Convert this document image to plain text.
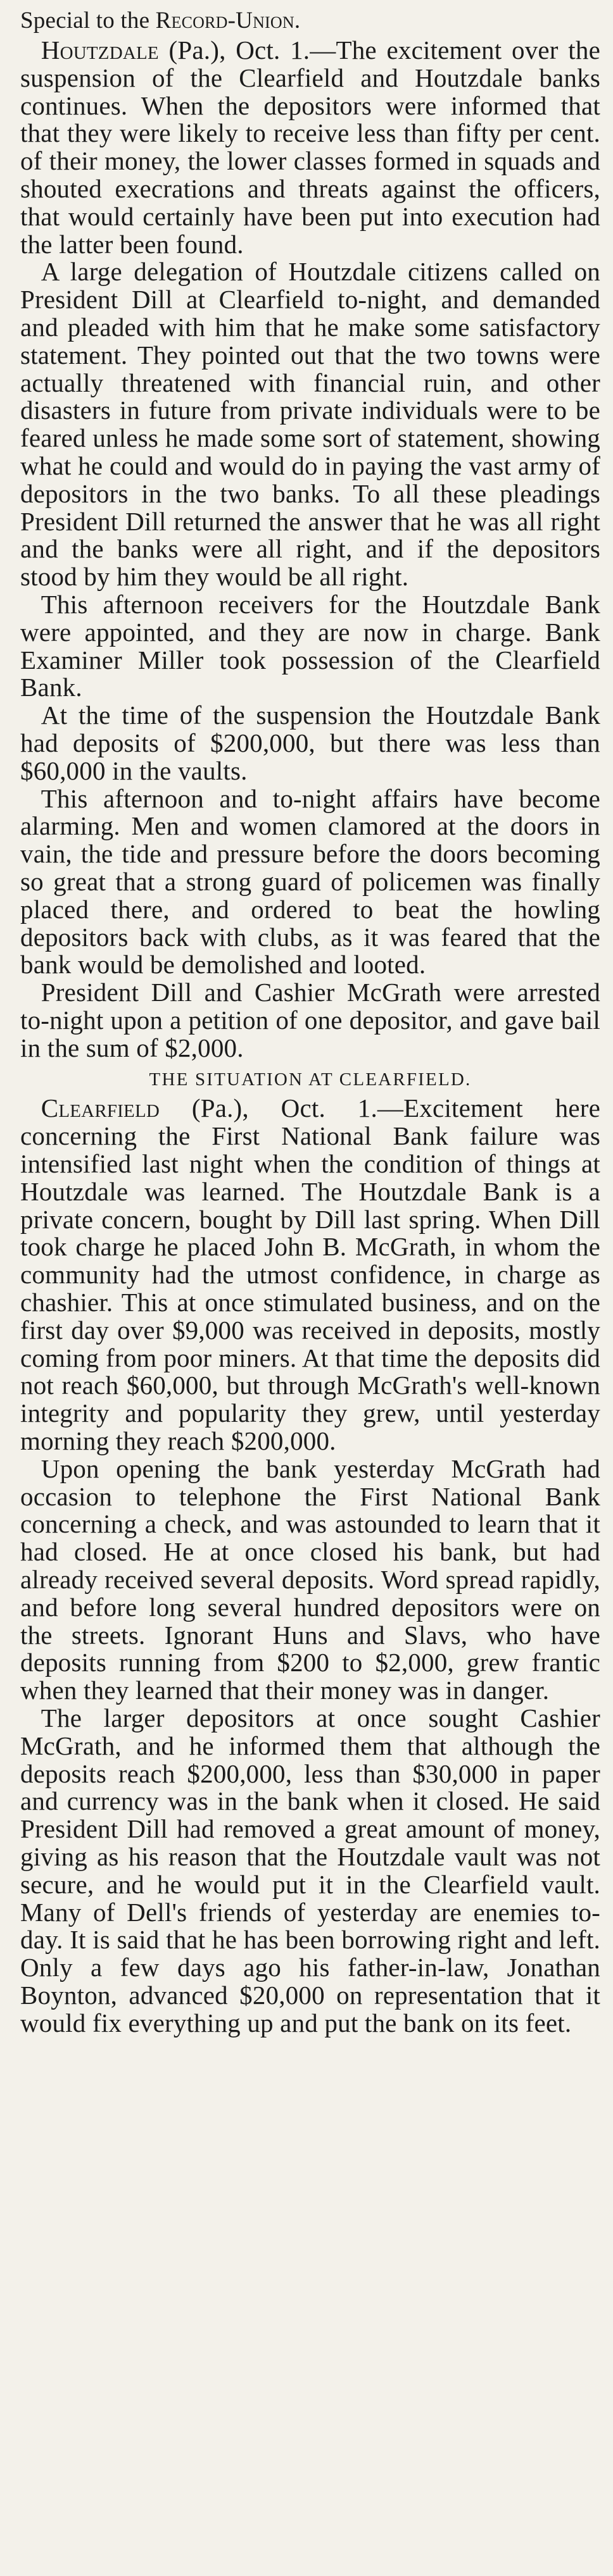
Special to the Record-Union.

Houtzdale (Pa.), Oct. 1.—The excitement over the suspension of the Clearfield and Houtzdale banks continues. When the depositors were informed that that they were likely to receive less than fifty per cent. of their money, the lower classes formed in squads and shouted execrations and threats against the officers, that would certainly have been put into execution had the latter been found.

A large delegation of Houtzdale citizens called on President Dill at Clearfield to-night, and demanded and pleaded with him that he make some satisfactory statement. They pointed out that the two towns were actually threatened with financial ruin, and other disasters in future from private individuals were to be feared unless he made some sort of statement, showing what he could and would do in paying the vast army of depositors in the two banks. To all these pleadings President Dill returned the answer that he was all right and the banks were all right, and if the depositors stood by him they would be all right.

This afternoon receivers for the Houtzdale Bank were appointed, and they are now in charge. Bank Examiner Miller took possession of the Clearfield Bank.

At the time of the suspension the Houtzdale Bank had deposits of $200,000, but there was less than $60,000 in the vaults.

This afternoon and to-night affairs have become alarming. Men and women clamored at the doors in vain, the tide and pressure before the doors becoming so great that a strong guard of policemen was finally placed there, and ordered to beat the howling depositors back with clubs, as it was feared that the bank would be demolished and looted.

President Dill and Cashier McGrath were arrested to-night upon a petition of one depositor, and gave bail in the sum of $2,000.

THE SITUATION AT CLEARFIELD.

Clearfield (Pa.), Oct. 1.—Excitement here concerning the First National Bank failure was intensified last night when the condition of things at Houtzdale was learned. The Houtzdale Bank is a private concern, bought by Dill last spring. When Dill took charge he placed John B. McGrath, in whom the community had the utmost confidence, in charge as chashier. This at once stimulated business, and on the first day over $9,000 was received in deposits, mostly coming from poor miners. At that time the deposits did not reach $60,000, but through McGrath's well-known integrity and popularity they grew, until yesterday morning they reach $200,000.

Upon opening the bank yesterday McGrath had occasion to telephone the First National Bank concerning a check, and was astounded to learn that it had closed. He at once closed his bank, but had already received several deposits. Word spread rapidly, and before long several hundred depositors were on the streets. Ignorant Huns and Slavs, who have deposits running from $200 to $2,000, grew frantic when they learned that their money was in danger.

The larger depositors at once sought Cashier McGrath, and he informed them that although the deposits reach $200,000, less than $30,000 in paper and currency was in the bank when it closed. He said President Dill had removed a great amount of money, giving as his reason that the Houtzdale vault was not secure, and he would put it in the Clearfield vault. Many of Dell's friends of yesterday are enemies to-day. It is said that he has been borrowing right and left. Only a few days ago his father-in-law, Jonathan Boynton, advanced $20,000 on representation that it would fix everything up and put the bank on its feet.
